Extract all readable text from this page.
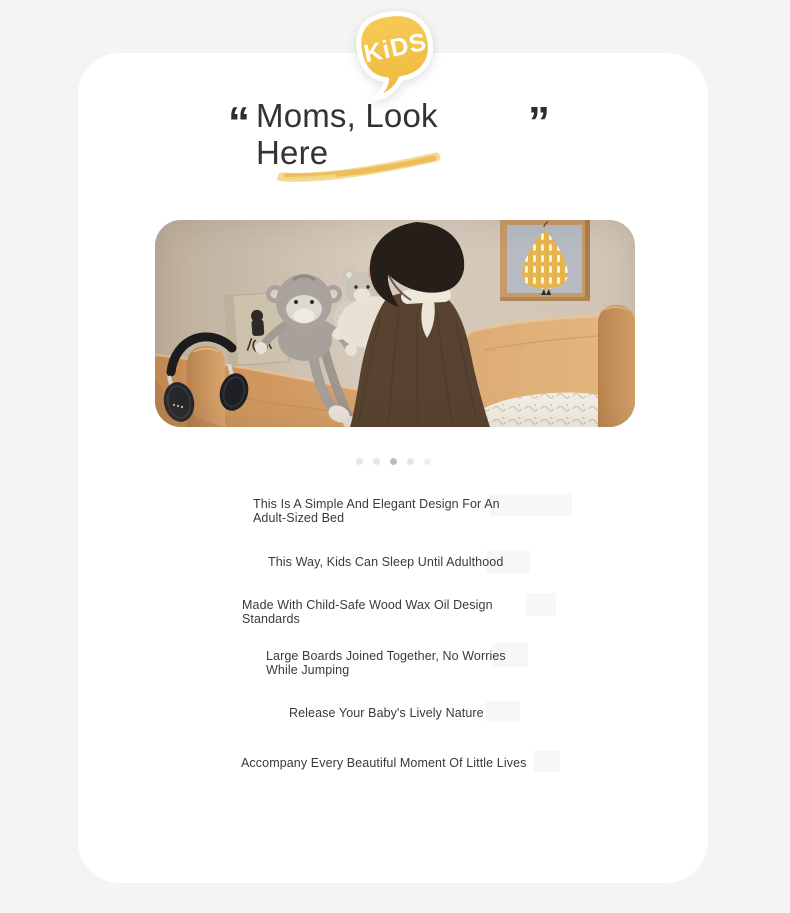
“ Moms, Look
Here
”
This Is A Simple And Elegant Design For An
Adult-Sized Bed
This Way, Kids Can Sleep Until Adulthood
Made With Child-Safe Wood Wax Oil Design
Standards
Large Boards Joined Together, No Worries
While Jumping
Release Your Baby's Lively Nature
Accompany Every Beautiful Moment Of Little Lives
KiDS
